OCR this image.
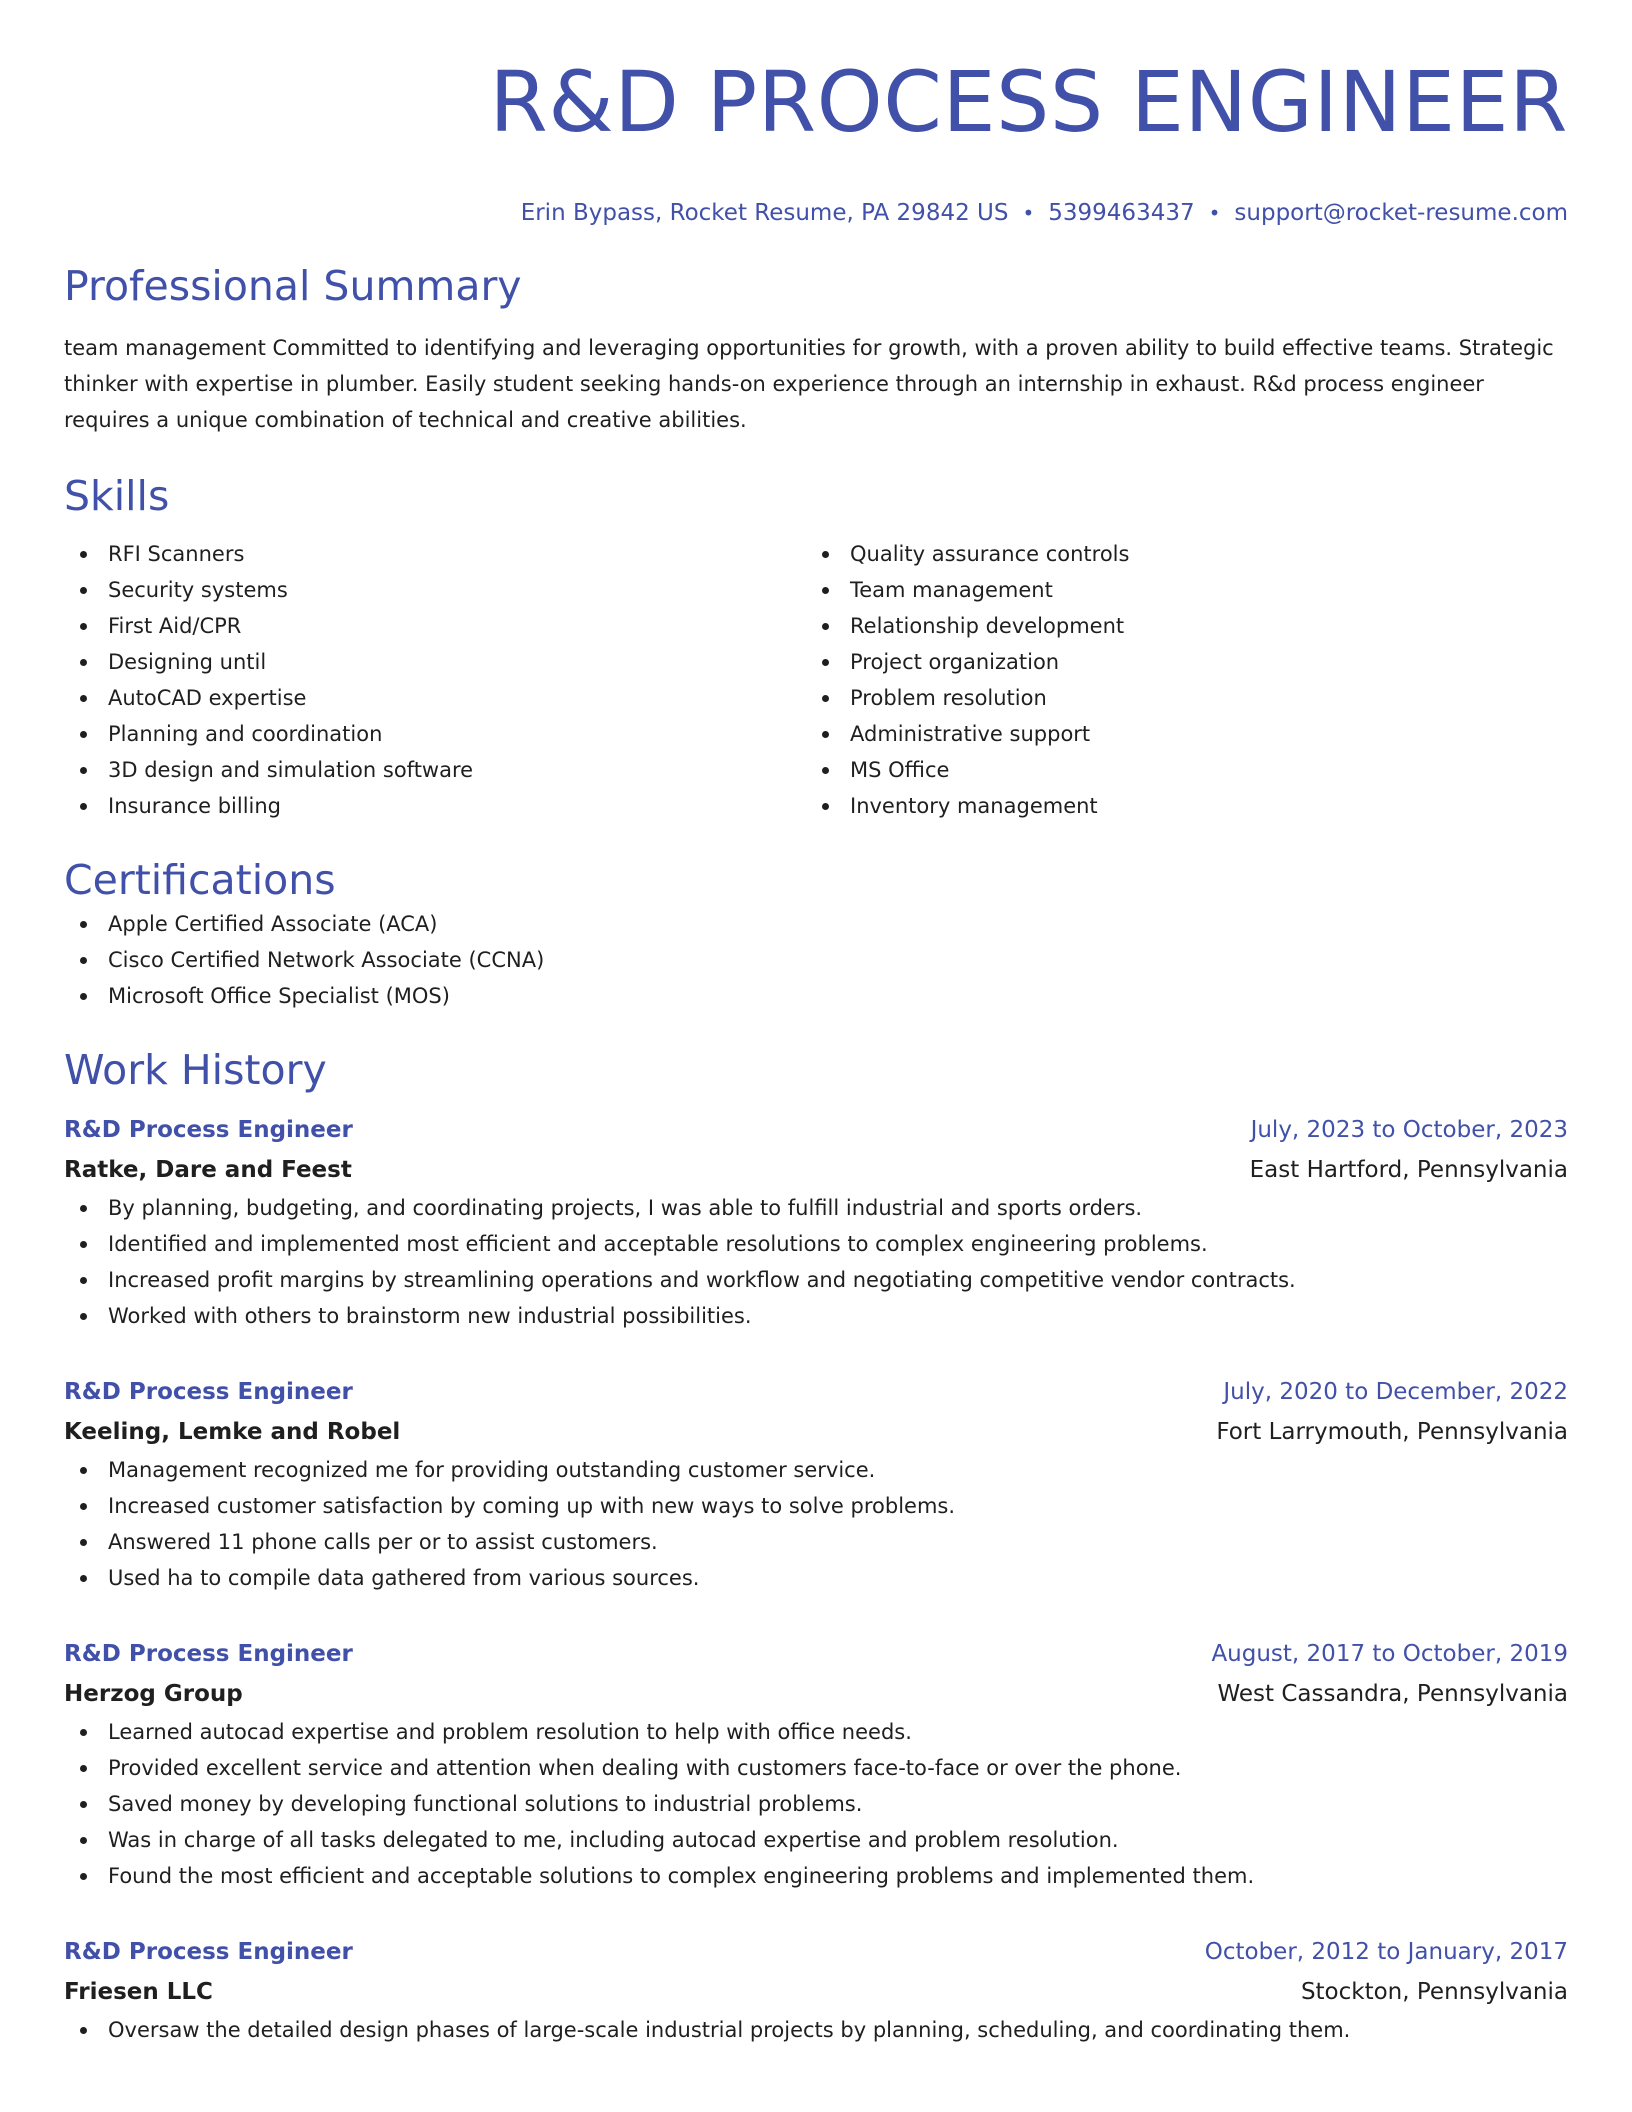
R&D PROCESS ENGINEER
Erin Bypass, Rocket Resume, PA 29842 US • 5399463437 • support@rocket-resume.com
Professional Summary

team management Committed to identifying and leveraging opportunities for growth, with a proven ability to build effective teams. Strategic thinker with expertise in plumber. Easily student seeking hands-on experience through an internship in exhaust. R&d process engineer requires a unique combination of technical and creative abilities.

Skills
RFI Scanners
Security systems
First Aid/CPR
Designing until
AutoCAD expertise
Planning and coordination
3D design and simulation software
Insurance billing
Quality assurance controls
Team management
Relationship development
Project organization
Problem resolution
Administrative support
MS Office
Inventory management
Certifications
Apple Certified Associate (ACA)
Cisco Certified Network Associate (CCNA)
Microsoft Office Specialist (MOS)
Work History
R&D Process Engineer	July, 2023 to October, 2023
Ratke, Dare and Feest	East Hartford, Pennsylvania
By planning, budgeting, and coordinating projects, I was able to fulfill industrial and sports orders.
Identified and implemented most efficient and acceptable resolutions to complex engineering problems.
Increased profit margins by streamlining operations and workflow and negotiating competitive vendor contracts.
Worked with others to brainstorm new industrial possibilities.
R&D Process Engineer	July, 2020 to December, 2022
Keeling, Lemke and Robel	Fort Larrymouth, Pennsylvania
Management recognized me for providing outstanding customer service.
Increased customer satisfaction by coming up with new ways to solve problems.
Answered 11 phone calls per or to assist customers.
Used ha to compile data gathered from various sources.
R&D Process Engineer	August, 2017 to October, 2019
Herzog Group	West Cassandra, Pennsylvania
Learned autocad expertise and problem resolution to help with office needs.
Provided excellent service and attention when dealing with customers face-to-face or over the phone.
Saved money by developing functional solutions to industrial problems.
Was in charge of all tasks delegated to me, including autocad expertise and problem resolution.
Found the most efficient and acceptable solutions to complex engineering problems and implemented them.
R&D Process Engineer	October, 2012 to January, 2017
Friesen LLC	Stockton, Pennsylvania
Oversaw the detailed design phases of large-scale industrial projects by planning, scheduling, and coordinating them.
